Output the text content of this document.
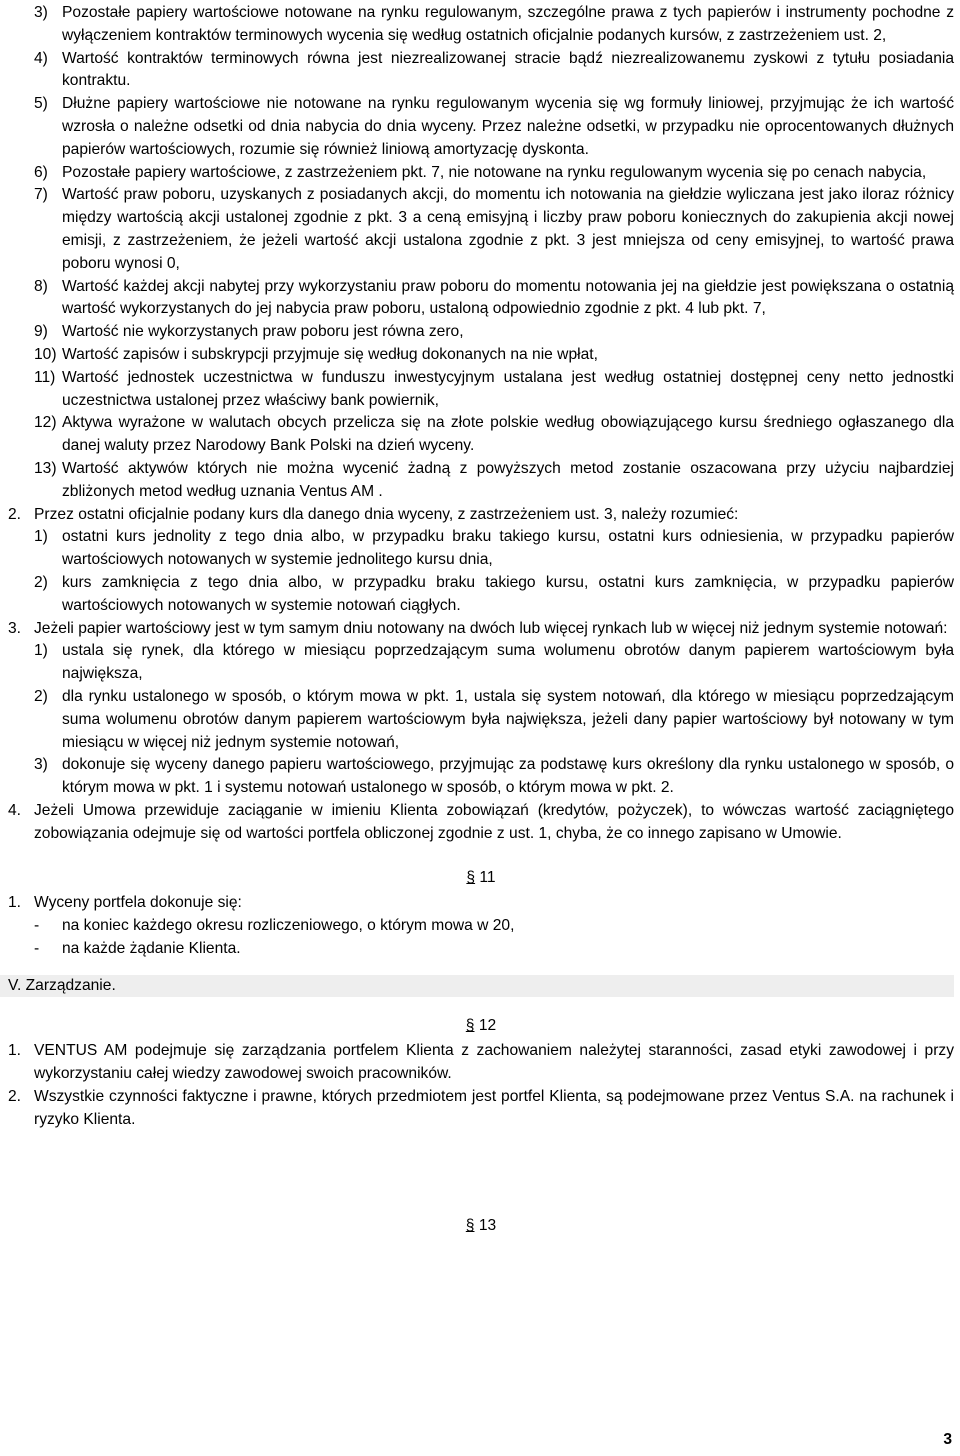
3) Pozostałe papiery wartościowe notowane na rynku regulowanym, szczególne prawa z tych papierów i instrumenty pochodne z wyłączeniem kontraktów terminowych wycenia się według ostatnich oficjalnie podanych kursów, z zastrzeżeniem ust. 2,
4) Wartość kontraktów terminowych równa jest niezrealizowanej stracie bądź niezrealizowanemu zyskowi z tytułu posiadania kontraktu.
5) Dłużne papiery wartościowe nie notowane na rynku regulowanym wycenia się wg formuły liniowej, przyjmując że ich wartość wzrosła o należne odsetki od dnia nabycia do dnia wyceny. Przez należne odsetki, w przypadku nie oprocentowanych dłużnych papierów wartościowych, rozumie się również liniową amortyzację dyskonta.
6) Pozostałe papiery wartościowe, z zastrzeżeniem pkt. 7, nie notowane na rynku regulowanym wycenia się po cenach nabycia,
7) Wartość praw poboru, uzyskanych z posiadanych akcji, do momentu ich notowania na giełdzie wyliczana jest jako iloraz różnicy między wartością akcji ustalonej zgodnie z pkt. 3 a ceną emisyjną i liczby praw poboru koniecznych do zakupienia akcji nowej emisji, z zastrzeżeniem, że jeżeli wartość akcji ustalona zgodnie z pkt. 3 jest mniejsza od ceny emisyjnej, to wartość prawa poboru wynosi 0,
8) Wartość każdej akcji nabytej przy wykorzystaniu praw poboru do momentu notowania jej na giełdzie jest powiększana o ostatnią wartość wykorzystanych do jej nabycia praw poboru, ustaloną odpowiednio zgodnie z pkt. 4 lub pkt. 7,
9) Wartość nie wykorzystanych praw poboru jest równa zero,
10) Wartość zapisów i subskrypcji przyjmuje się według dokonanych na nie wpłat,
11) Wartość jednostek uczestnictwa w funduszu inwestycyjnym ustalana jest według ostatniej dostępnej ceny netto jednostki uczestnictwa ustalonej przez właściwy bank powiernik,
12) Aktywa wyrażone w walutach obcych przelicza się na złote polskie według obowiązującego kursu średniego ogłaszanego dla danej waluty przez Narodowy Bank Polski na dzień wyceny.
13) Wartość aktywów których nie można wycenić żadną z powyższych metod zostanie oszacowana przy użyciu najbardziej zbliżonych metod według uznania Ventus AM .
2. Przez ostatni oficjalnie podany kurs dla danego dnia wyceny, z zastrzeżeniem ust. 3, należy rozumieć:
1) ostatni kurs jednolity z tego dnia albo, w przypadku braku takiego kursu, ostatni kurs odniesienia, w przypadku papierów wartościowych notowanych w systemie jednolitego kursu dnia,
2) kurs zamknięcia z tego dnia albo, w przypadku braku takiego kursu, ostatni kurs zamknięcia, w przypadku papierów wartościowych notowanych w systemie notowań ciągłych.
3. Jeżeli papier wartościowy jest w tym samym dniu notowany na dwóch lub więcej rynkach lub w więcej niż jednym systemie notowań:
1) ustala się rynek, dla którego w miesiącu poprzedzającym suma wolumenu obrotów danym papierem wartościowym była największa,
2) dla rynku ustalonego w sposób, o którym mowa w pkt. 1, ustala się system notowań, dla którego w miesiącu poprzedzającym suma wolumenu obrotów danym papierem wartościowym była największa, jeżeli dany papier wartościowy był notowany w tym miesiącu w więcej niż jednym systemie notowań,
3) dokonuje się wyceny danego papieru wartościowego, przyjmując za podstawę kurs określony dla rynku ustalonego w sposób, o którym mowa w pkt. 1 i systemu notowań ustalonego w sposób, o którym mowa w pkt. 2.
4. Jeżeli Umowa przewiduje zaciąganie w imieniu Klienta zobowiązań (kredytów, pożyczek), to wówczas wartość zaciągniętego zobowiązania odejmuje się od wartości portfela obliczonej zgodnie z ust. 1, chyba, że co innego zapisano w Umowie.
§ 11
1. Wyceny portfela dokonuje się:
- na koniec każdego okresu rozliczeniowego, o którym mowa w 20,
- na każde żądanie Klienta.
V. Zarządzanie.
§ 12
1. VENTUS AM podejmuje się zarządzania portfelem Klienta z zachowaniem należytej staranności, zasad etyki zawodowej i przy wykorzystaniu całej wiedzy zawodowej swoich pracowników.
2. Wszystkie czynności faktyczne i prawne, których przedmiotem jest portfel Klienta, są podejmowane przez Ventus S.A. na rachunek i ryzyko Klienta.
§ 13
3
